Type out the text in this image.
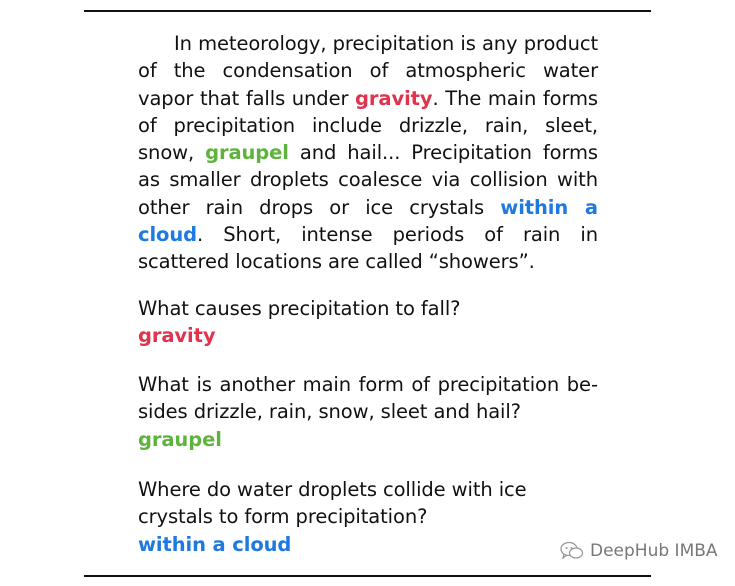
In meteorology, precipitation is any product of the condensation of atmospheric water vapor that falls under gravity. The main forms of precipitation include drizzle, rain, sleet, snow, graupel and hail... Precipitation forms as smaller droplets coalesce via collision with other rain drops or ice crystals within a cloud. Short, intense periods of rain in scattered locations are called “showers”.
What causes precipitation to fall?
gravity
What is another main form of precipitation besides drizzle, rain, snow, sleet and hail?
graupel
Where do water droplets collide with ice crystals to form precipitation?
within a cloud	DeepHub IMBA
